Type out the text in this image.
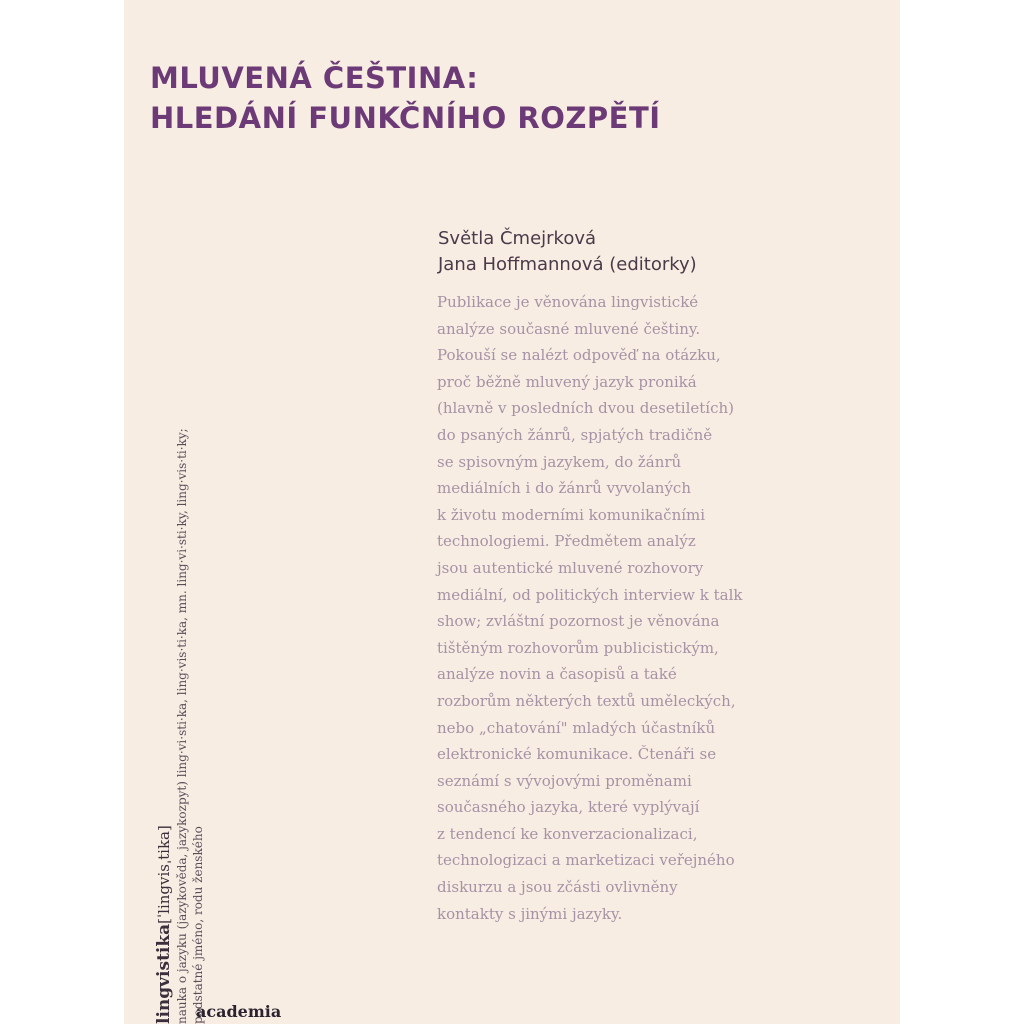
MLUVENÁ ČEŠTINA:
HLEDÁNÍ FUNKČNÍHO ROZPĚTÍ
Světla Čmejrková
Jana Hoffmannová (editorky)
Publikace je věnována lingvistické
analýze současné mluvené češtiny.
Pokouší se nalézt odpověď na otázku,
proč běžně mluvený jazyk proniká
(hlavně v posledních dvou desetiletích)
do psaných žánrů, spjatých tradičně
se spisovným jazykem, do žánrů
mediálních i do žánrů vyvolaných
k životu moderními komunikačními
technologiemi. Předmětem analýz
jsou autentické mluvené rozhovory
mediální, od politických interview k talk
show; zvláštní pozornost je věnována
tištěným rozhovorům publicistickým,
analýze novin a časopisů a také
rozborům některých textů uměleckých,
nebo „chatování" mladých účastníků
elektronické komunikace. Čtenáři se
seznámí s vývojovými proměnami
současného jazyka, které vyplývají
z tendencí ke konverzacionalizaci,
technologizaci a marketizaci veřejného
diskurzu a jsou zčásti ovlivněny
kontakty s jinými jazyky.
lingvistika[ˈlingvisˌtika] nauka o jazyku (jazykověda, jazykozpyt) ling·vi·sti·ka, ling·vis·ti·ka, mn. ling·vi·sti·ky, ling·vis·ti·ky; podstatné jméno, rodu ženského
academia
